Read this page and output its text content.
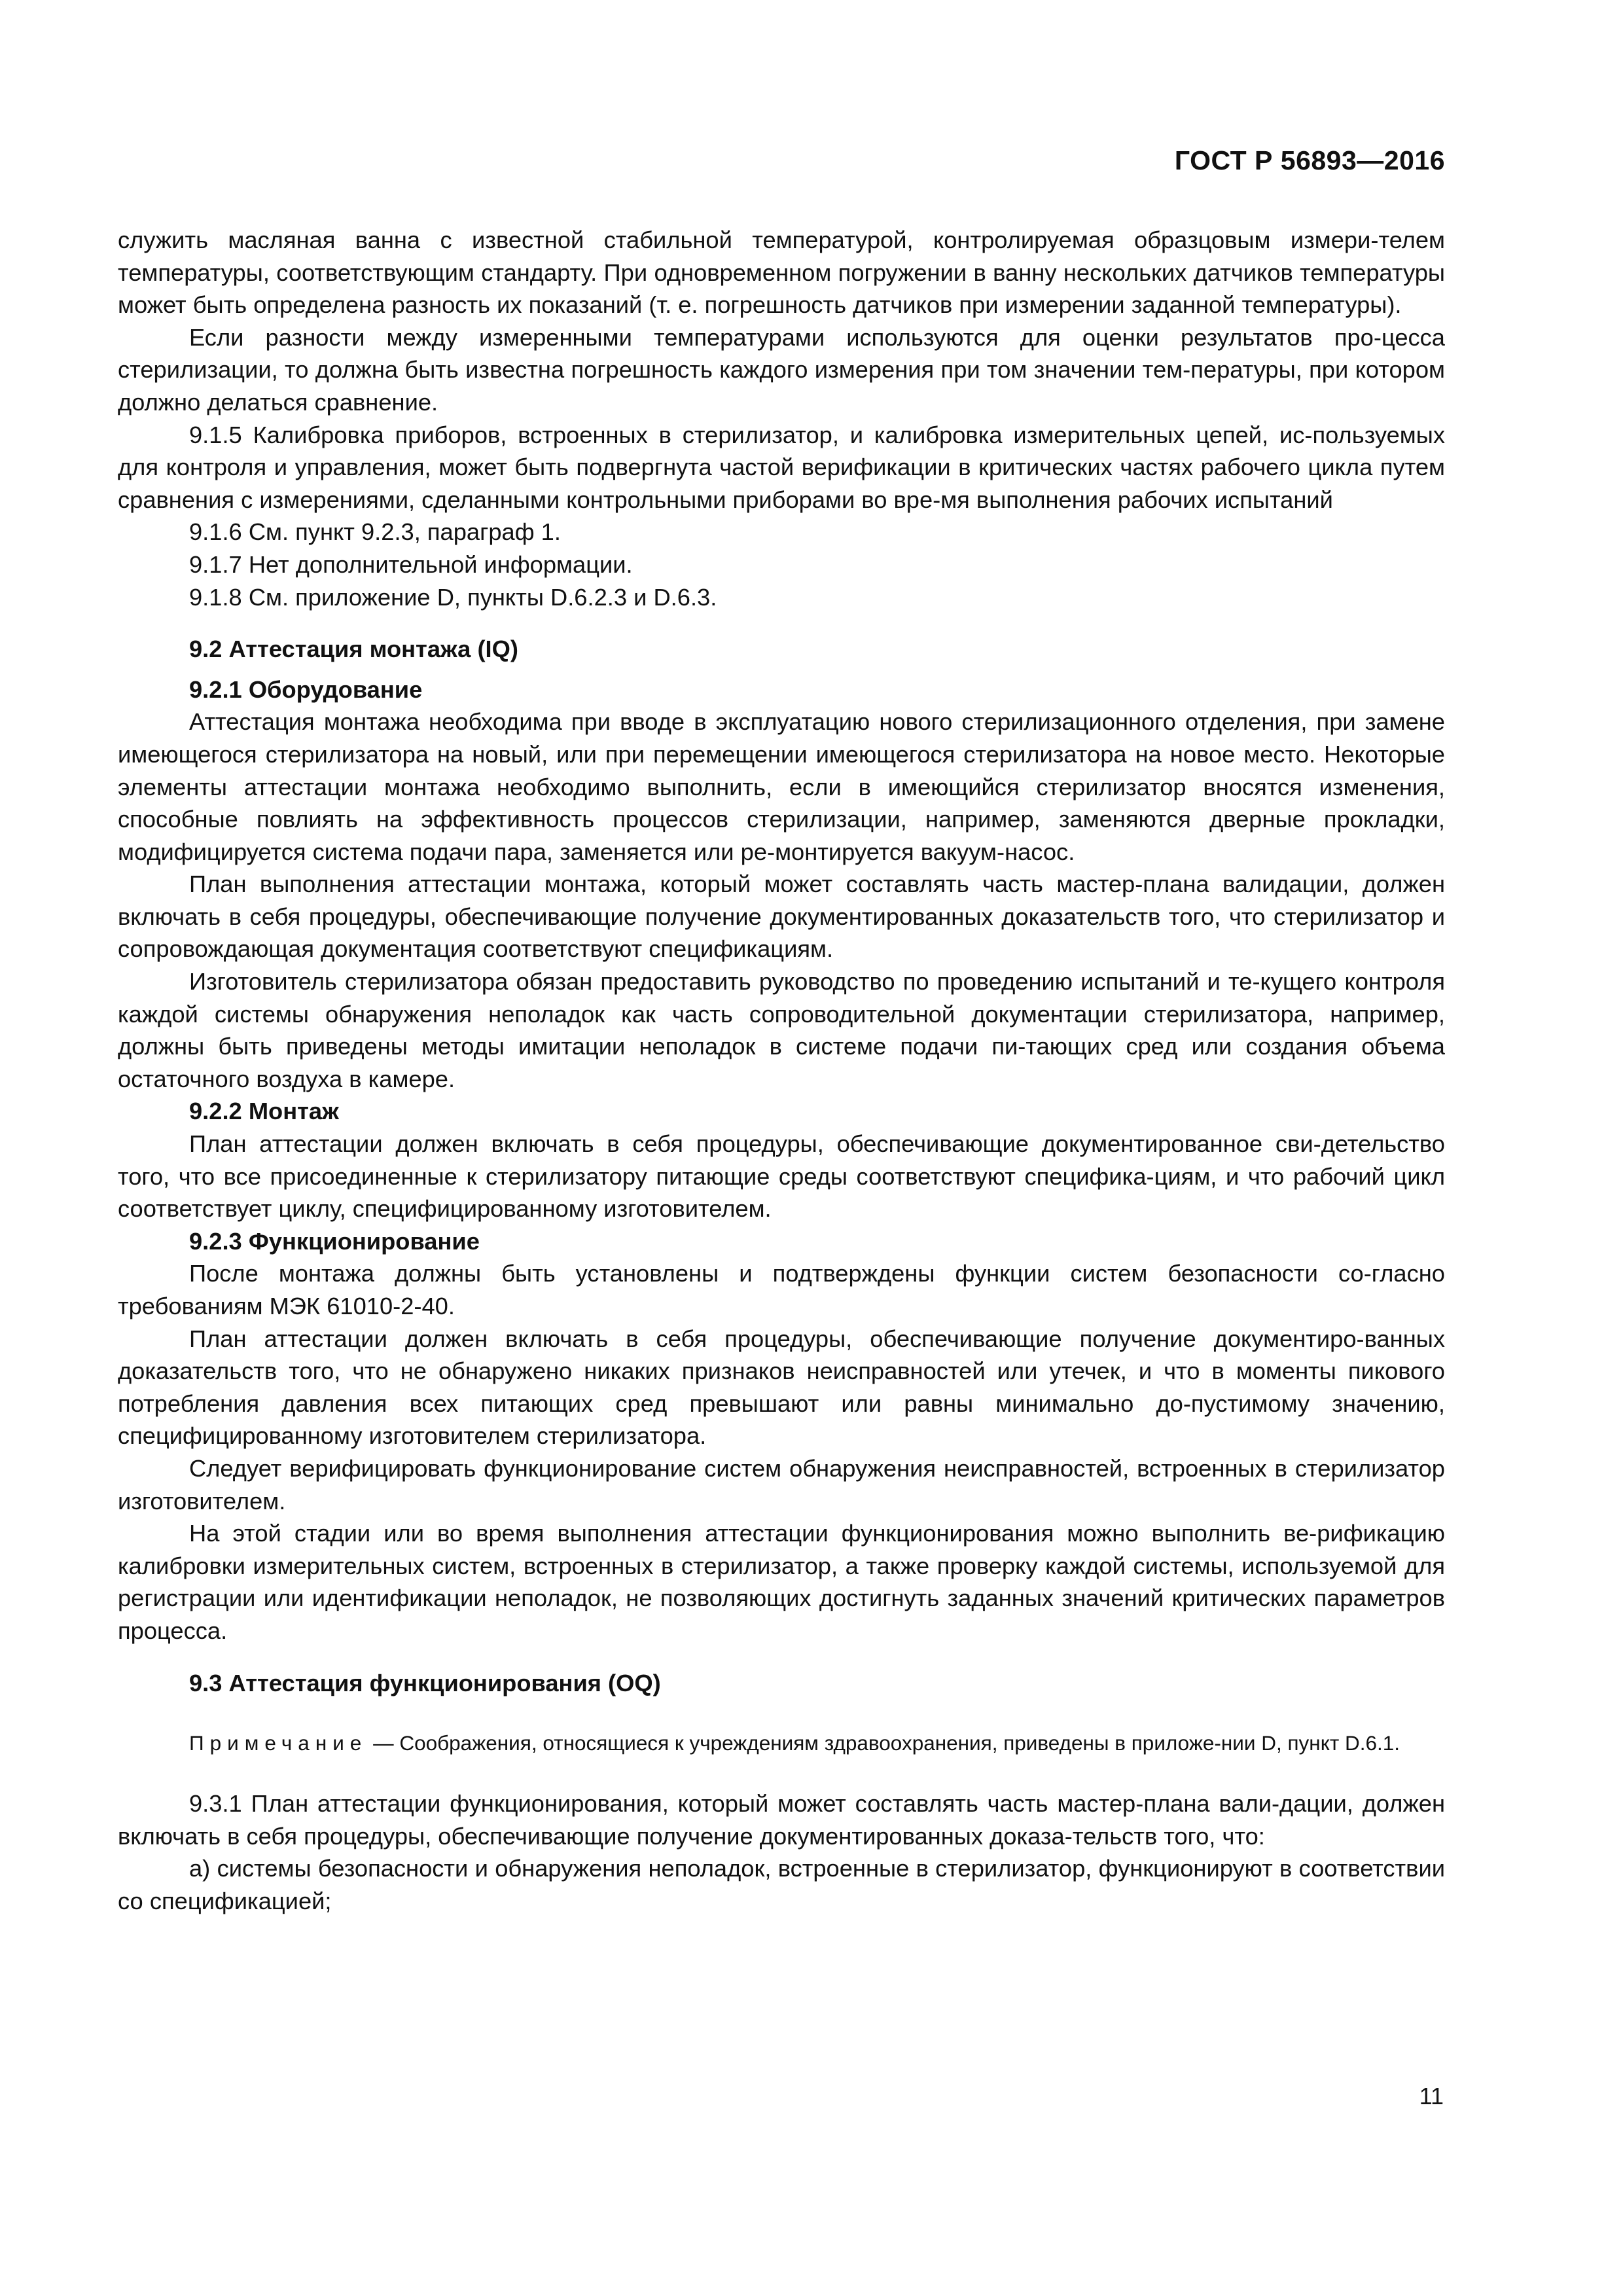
ГОСТ Р 56893—2016

служить масляная ванна с известной стабильной температурой, контролируемая образцовым измери-телем температуры, соответствующим стандарту. При одновременном погружении в ванну нескольких датчиков температуры может быть определена разность их показаний (т. е. погрешность датчиков при измерении заданной температуры).

Если разности между измеренными температурами используются для оценки результатов про-цесса стерилизации, то должна быть известна погрешность каждого измерения при том значении тем-пературы, при котором должно делаться сравнение.

9.1.5 Калибровка приборов, встроенных в стерилизатор, и калибровка измерительных цепей, ис-пользуемых для контроля и управления, может быть подвергнута частой верификации в критических частях рабочего цикла путем сравнения с измерениями, сделанными контрольными приборами во вре-мя выполнения рабочих испытаний

9.1.6 См. пункт 9.2.3, параграф 1.

9.1.7 Нет дополнительной информации.

9.1.8 См. приложение D, пункты D.6.2.3 и D.6.3.

9.2 Аттестация монтажа (IQ)

9.2.1 Оборудование

Аттестация монтажа необходима при вводе в эксплуатацию нового стерилизационного отделения, при замене имеющегося стерилизатора на новый, или при перемещении имеющегося стерилизатора на новое место. Некоторые элементы аттестации монтажа необходимо выполнить, если в имеющийся стерилизатор вносятся изменения, способные повлиять на эффективность процессов стерилизации, например, заменяются дверные прокладки, модифицируется система подачи пара, заменяется или ре-монтируется вакуум-насос.

План выполнения аттестации монтажа, который может составлять часть мастер-плана валидации, должен включать в себя процедуры, обеспечивающие получение документированных доказательств того, что стерилизатор и сопровождающая документация соответствуют спецификациям.

Изготовитель стерилизатора обязан предоставить руководство по проведению испытаний и те-кущего контроля каждой системы обнаружения неполадок как часть сопроводительной документации стерилизатора, например, должны быть приведены методы имитации неполадок в системе подачи пи-тающих сред или создания объема остаточного воздуха в камере.

9.2.2 Монтаж

План аттестации должен включать в себя процедуры, обеспечивающие документированное сви-детельство того, что все присоединенные к стерилизатору питающие среды соответствуют специфика-циям, и что рабочий цикл соответствует циклу, специфицированному изготовителем.

9.2.3 Функционирование

После монтажа должны быть установлены и подтверждены функции систем безопасности со-гласно требованиям МЭК 61010-2-40.

План аттестации должен включать в себя процедуры, обеспечивающие получение документиро-ванных доказательств того, что не обнаружено никаких признаков неисправностей или утечек, и что в моменты пикового потребления давления всех питающих сред превышают или равны минимально до-пустимому значению, специфицированному изготовителем стерилизатора.

Следует верифицировать функционирование систем обнаружения неисправностей, встроенных в стерилизатор изготовителем.

На этой стадии или во время выполнения аттестации функционирования можно выполнить ве-рификацию калибровки измерительных систем, встроенных в стерилизатор, а также проверку каждой системы, используемой для регистрации или идентификации неполадок, не позволяющих достигнуть заданных значений критических параметров процесса.

9.3 Аттестация функционирования (OQ)

Примечание — Соображения, относящиеся к учреждениям здравоохранения, приведены в приложе-нии D, пункт D.6.1.

9.3.1 План аттестации функционирования, который может составлять часть мастер-плана вали-дации, должен включать в себя процедуры, обеспечивающие получение документированных доказа-тельств того, что:

а) системы безопасности и обнаружения неполадок, встроенные в стерилизатор, функционируют в соответствии со спецификацией;

11
